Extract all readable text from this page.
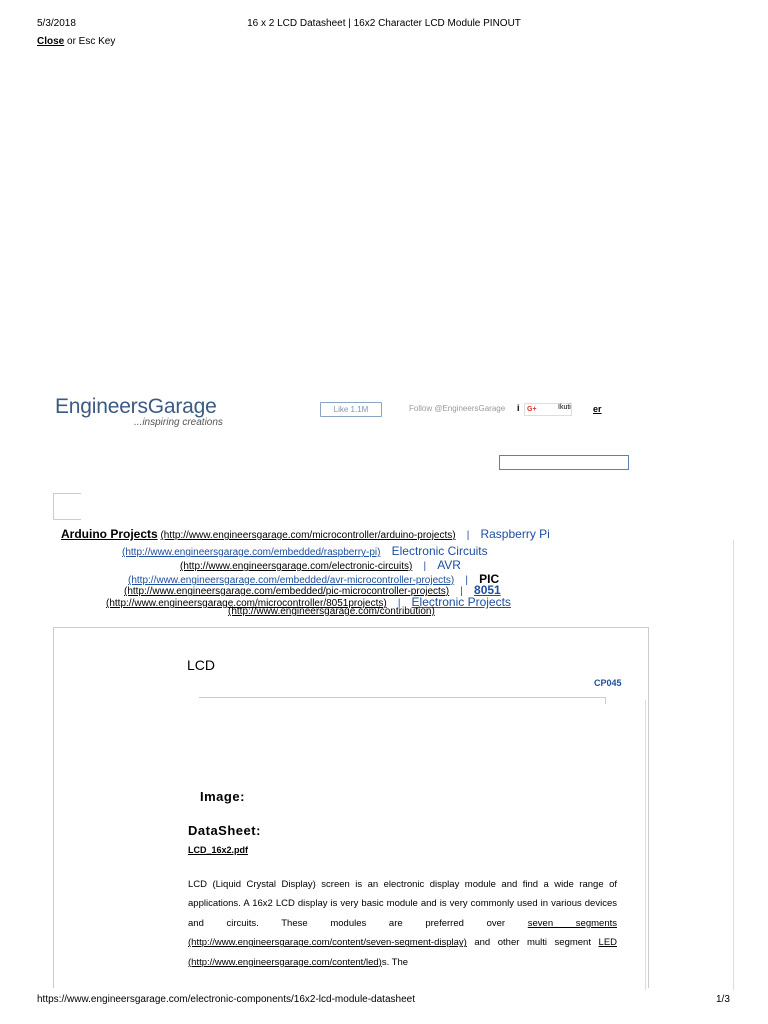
5/3/2018	16 x 2 LCD Datasheet | 16x2 Character LCD Module PINOUT
Close or Esc Key
EngineersGarage
...inspiring creations
Like 1.1M	Follow @EngineersGarage i	G+	Ikuti er
Arduino Projects (http://www.engineersgarage.com/microcontroller/arduino-projects) | Raspberry Pi
(http://www.engineersgarage.com/embedded/raspberry-pi) Electronic Circuits
(http://www.engineersgarage.com/electronic-circuits) | AVR
(http://www.engineersgarage.com/embedded/avr-microcontroller-projects) | PIC
(http://www.engineersgarage.com/embedded/pic-microcontroller-projects) | 8051
(http://www.engineersgarage.com/microcontroller/8051projects) | Electronic Projects
(http://www.engineersgarage.com/contribution)
LCD
CP045
Image:
DataSheet:
LCD_16x2.pdf
LCD (Liquid Crystal Display) screen is an electronic display module and find a wide range of applications. A 16x2 LCD display is very basic module and is very commonly used in various devices and circuits. These modules are preferred over seven segments (http://www.engineersgarage.com/content/seven-segment-display) and other multi segment LED (http://www.engineersgarage.com/content/led)s. The
https://www.engineersgarage.com/electronic-components/16x2-lcd-module-datasheet	1/3
